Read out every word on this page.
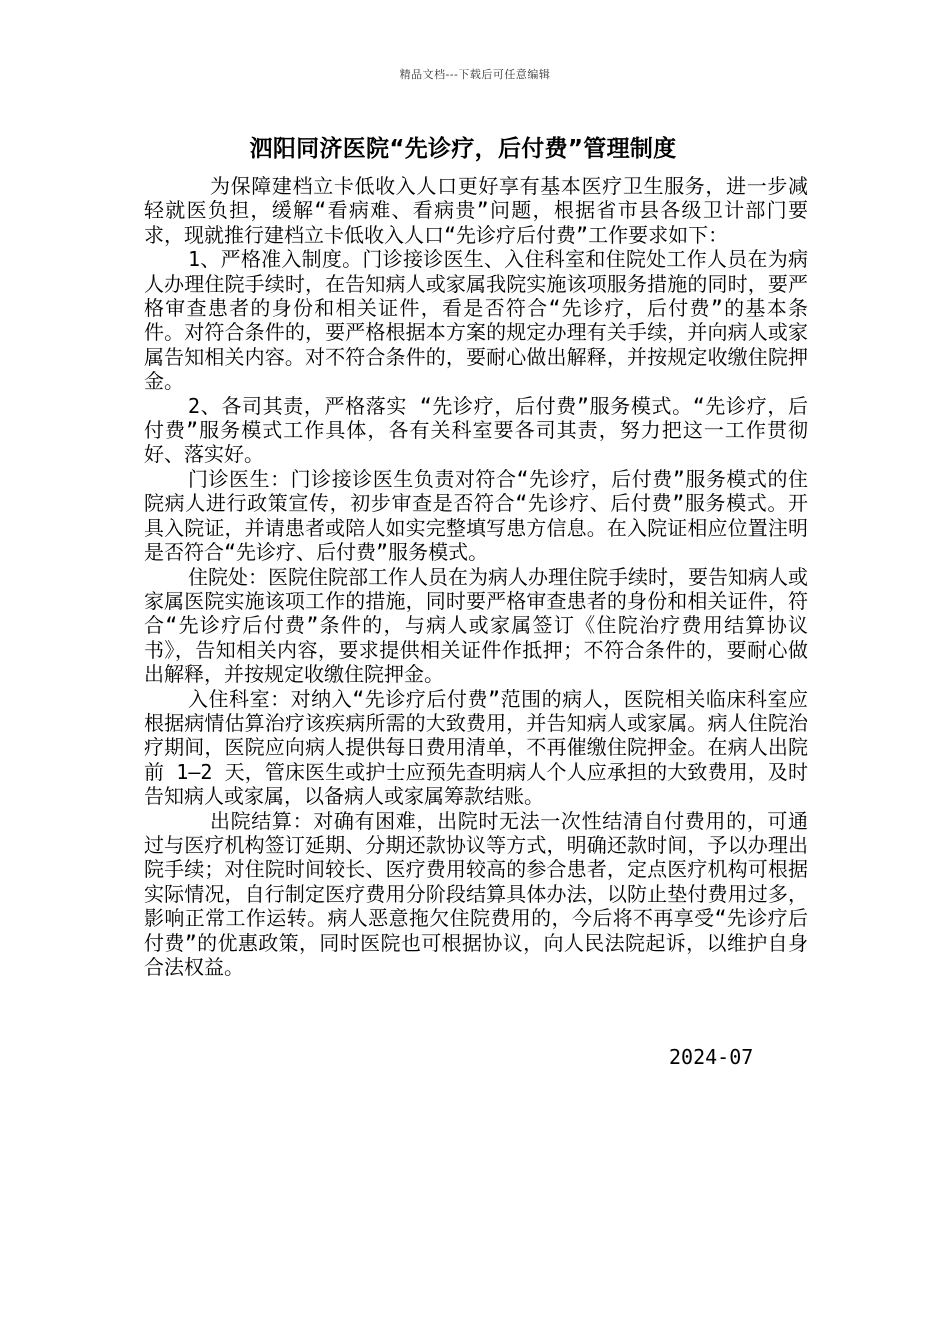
精品文档---下载后可任意编辑
泗阳同济医院“先诊疗，后付费”管理制度

为保障建档立卡低收入人口更好享有基本医疗卫生服务，进一步减轻就医负担，缓解“看病难、看病贵”问题，根据省市县各级卫计部门要求，现就推行建档立卡低收入人口“先诊疗后付费”工作要求如下：

1、严格准入制度。门诊接诊医生、入住科室和住院处工作人员在为病人办理住院手续时，在告知病人或家属我院实施该项服务措施的同时，要严格审查患者的身份和相关证件，看是否符合“先诊疗，后付费”的基本条件。对符合条件的，要严格根据本方案的规定办理有关手续，并向病人或家属告知相关内容。对不符合条件的，要耐心做出解释，并按规定收缴住院押金。

2、各司其责，严格落实 “先诊疗，后付费”服务模式。“先诊疗，后付费”服务模式工作具体，各有关科室要各司其责，努力把这一工作贯彻好、落实好。

门诊医生：门诊接诊医生负责对符合“先诊疗，后付费”服务模式的住院病人进行政策宣传，初步审查是否符合“先诊疗、后付费”服务模式。开具入院证，并请患者或陪人如实完整填写患方信息。在入院证相应位置注明是否符合“先诊疗、后付费”服务模式。

住院处：医院住院部工作人员在为病人办理住院手续时，要告知病人或家属医院实施该项工作的措施，同时要严格审查患者的身份和相关证件，符合“先诊疗后付费”条件的，与病人或家属签订《住院治疗费用结算协议书》，告知相关内容，要求提供相关证件作抵押；不符合条件的，要耐心做出解释，并按规定收缴住院押金。

入住科室：对纳入“先诊疗后付费”范围的病人，医院相关临床科室应根据病情估算治疗该疾病所需的大致费用，并告知病人或家属。病人住院治疗期间，医院应向病人提供每日费用清单，不再催缴住院押金。在病人出院前 1—2 天，管床医生或护士应预先查明病人个人应承担的大致费用，及时告知病人或家属，以备病人或家属筹款结账。

出院结算：对确有困难，出院时无法一次性结清自付费用的，可通过与医疗机构签订延期、分期还款协议等方式，明确还款时间，予以办理出院手续；对住院时间较长、医疗费用较高的参合患者，定点医疗机构可根据实际情况，自行制定医疗费用分阶段结算具体办法，以防止垫付费用过多，影响正常工作运转。病人恶意拖欠住院费用的，今后将不再享受“先诊疗后付费”的优惠政策，同时医院也可根据协议，向人民法院起诉，以维护自身合法权益。

2024-07
